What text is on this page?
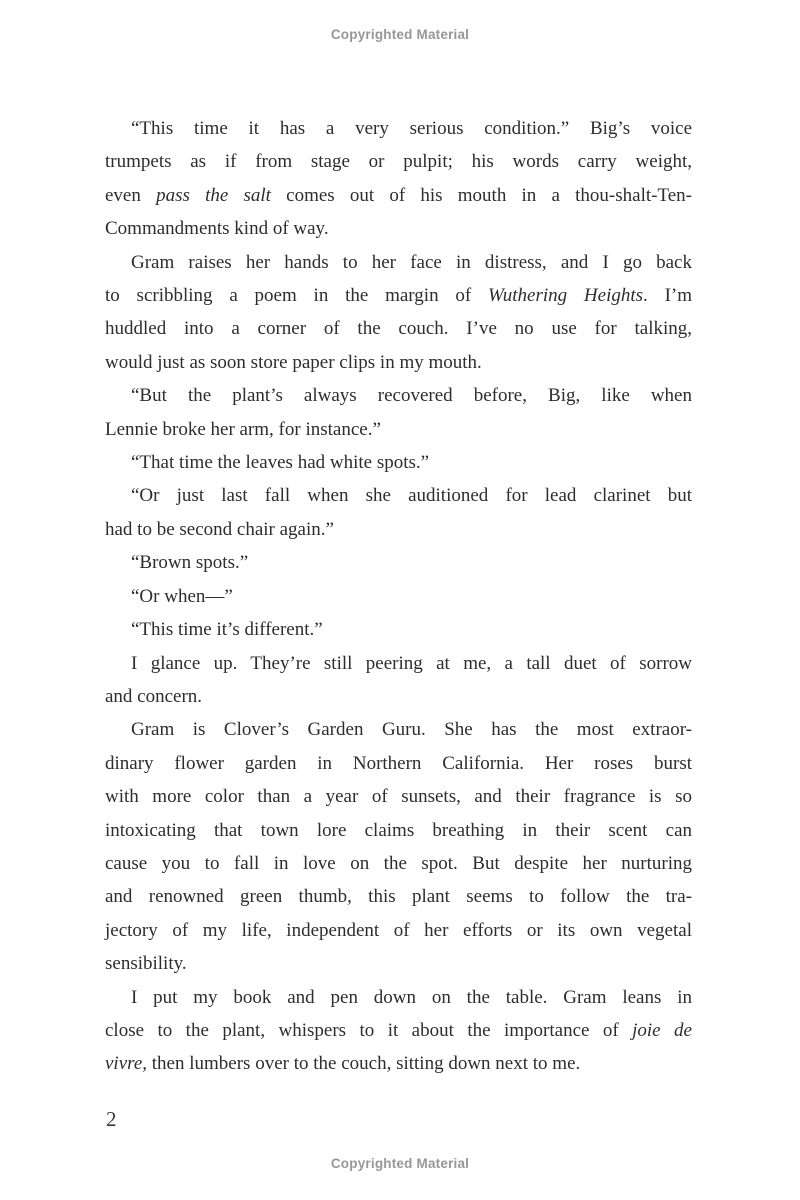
Copyrighted Material
“This time it has a very serious condition.” Big’s voice
trumpets as if from stage or pulpit; his words carry weight,
even pass the salt comes out of his mouth in a thou-shalt-Ten-
Commandments kind of way.
Gram raises her hands to her face in distress, and I go back
to scribbling a poem in the margin of Wuthering Heights. I’m
huddled into a corner of the couch. I’ve no use for talking,
would just as soon store paper clips in my mouth.
“But the plant’s always recovered before, Big, like when
Lennie broke her arm, for instance.”
“That time the leaves had white spots.”
“Or just last fall when she auditioned for lead clarinet but
had to be second chair again.”
“Brown spots.”
“Or when—”
“This time it’s different.”
I glance up. They’re still peering at me, a tall duet of sorrow
and concern.
Gram is Clover’s Garden Guru. She has the most extraor-
dinary flower garden in Northern California. Her roses burst
with more color than a year of sunsets, and their fragrance is so
intoxicating that town lore claims breathing in their scent can
cause you to fall in love on the spot. But despite her nurturing
and renowned green thumb, this plant seems to follow the tra-
jectory of my life, independent of her efforts or its own vegetal
sensibility.
I put my book and pen down on the table. Gram leans in
close to the plant, whispers to it about the importance of joie de
vivre, then lumbers over to the couch, sitting down next to me.
2
Copyrighted Material
